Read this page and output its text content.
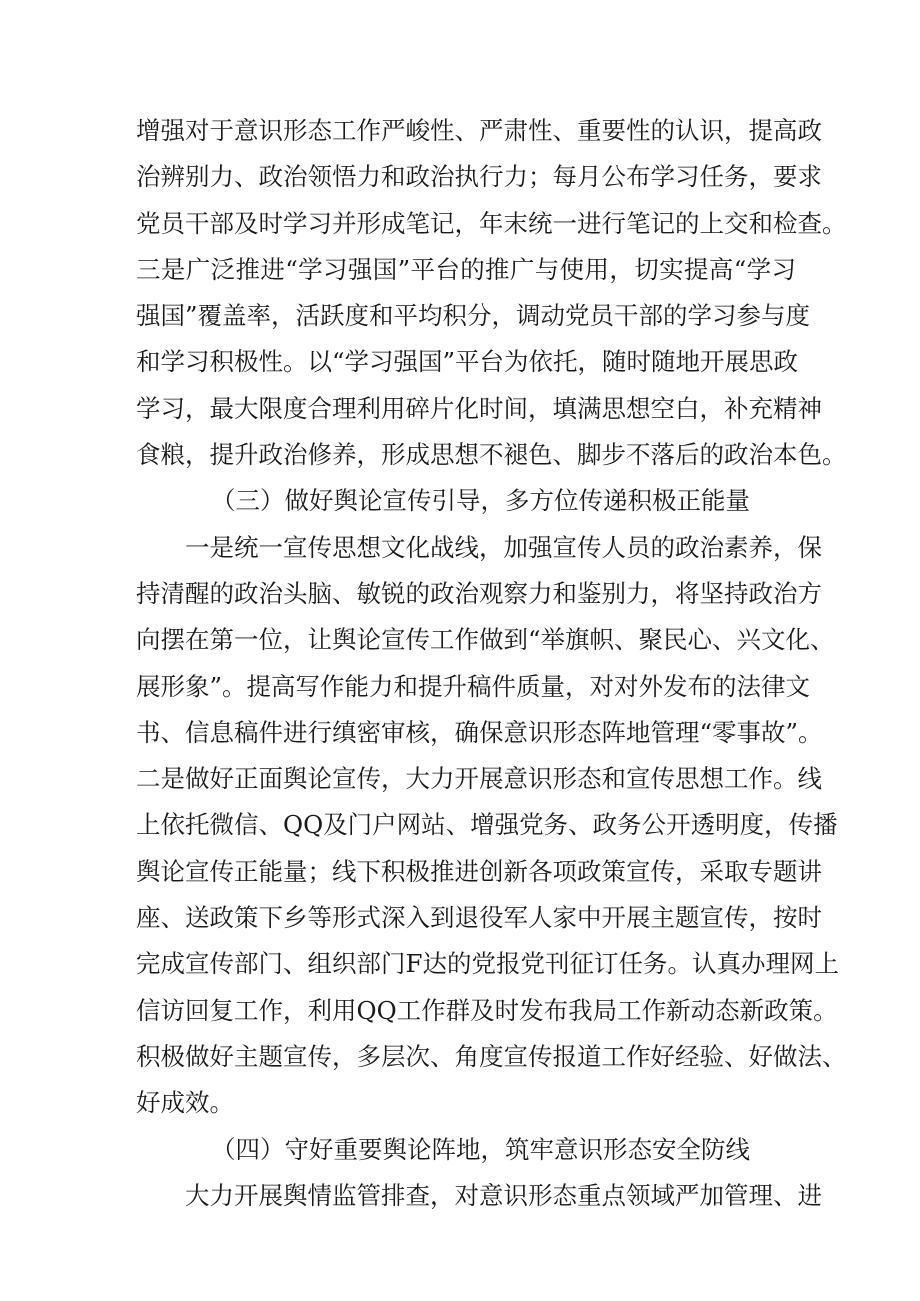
增强对于意识形态工作严峻性、严肃性、重要性的认识，提高政
治辨别力、政治领悟力和政治执行力；每月公布学习任务，要求
党员干部及时学习并形成笔记，年末统一进行笔记的上交和检查。
三是广泛推进“学习强国”平台的推广与使用，切实提高“学习
强国”覆盖率，活跃度和平均积分，调动党员干部的学习参与度
和学习积极性。以“学习强国”平台为依托，随时随地开展思政
学习，最大限度合理利用碎片化时间，填满思想空白，补充精神
食粮，提升政治修养，形成思想不褪色、脚步不落后的政治本色。
（三）做好舆论宣传引导，多方位传递积极正能量
一是统一宣传思想文化战线，加强宣传人员的政治素养，保
持清醒的政治头脑、敏锐的政治观察力和鉴别力，将坚持政治方
向摆在第一位，让舆论宣传工作做到“举旗帜、聚民心、兴文化、
展形象”。提高写作能力和提升稿件质量，对对外发布的法律文
书、信息稿件进行缜密审核，确保意识形态阵地管理“零事故”。
二是做好正面舆论宣传，大力开展意识形态和宣传思想工作。线
上依托微信、QQ及门户网站、增强党务、政务公开透明度，传播
舆论宣传正能量；线下积极推进创新各项政策宣传，采取专题讲
座、送政策下乡等形式深入到退役军人家中开展主题宣传，按时
完成宣传部门、组织部门F达的党报党刊征订任务。认真办理网上
信访回复工作，利用QQ工作群及时发布我局工作新动态新政策。
积极做好主题宣传，多层次、角度宣传报道工作好经验、好做法、
好成效。
（四）守好重要舆论阵地，筑牢意识形态安全防线
大力开展舆情监管排查，对意识形态重点领域严加管理、进
